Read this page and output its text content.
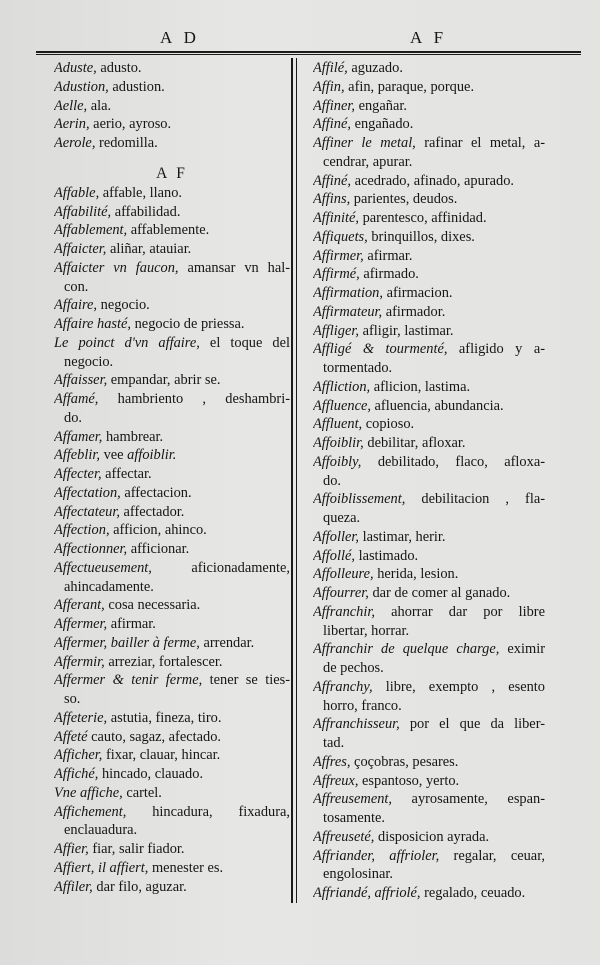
A D	A F
Aduste, adusto.
Adustion, adustion.
Aelle, ala.
Aerin, aerio, ayroso.
Aerole, redomilla.
A F
Affable, affable, llano.
Affabilité, affabilidad.
Affablement, affablemente.
Affaicter, aliñar, atauiar.
Affaicter vn faucon, amansar vn hal-
con.
Affaire, negocio.
Affaire hasté, negocio de priessa.
Le poinct d'vn affaire, el toque del
negocio.
Affaisser, empandar, abrir se.
Affamé, hambriento , deshambri-
do.
Affamer, hambrear.
Affeblir, vee affoiblir.
Affecter, affectar.
Affectation, affectacion.
Affectateur, affectador.
Affection, afficion, ahinco.
Affectionner, afficionar.
Affectueusement, aficionadamente,
ahincadamente.
Afferant, cosa necessaria.
Affermer, afirmar.
Affermer, bailler à ferme, arrendar.
Affermir, arreziar, fortalescer.
Affermer & tenir ferme, tener se ties-
so.
Affeterie, astutia, fineza, tiro.
Affeté cauto, sagaz, afectado.
Afficher, fixar, clauar, hincar.
Affiché, hincado, clauado.
Vne affiche, cartel.
Affichement, hincadura, fixadura,
enclauadura.
Affier, fiar, salir fiador.
Affiert, il affiert, menester es.
Affiler, dar filo, aguzar.
Affilé, aguzado.
Affin, afin, paraque, porque.
Affiner, engañar.
Affiné, engañado.
Affiner le metal, rafinar el metal, a-
cendrar, apurar.
Affiné, acedrado, afinado, apurado.
Affins, parientes, deudos.
Affinité, parentesco, affinidad.
Affiquets, brinquillos, dixes.
Affirmer, afirmar.
Affirmé, afirmado.
Affirmation, afirmacion.
Affirmateur, afirmador.
Affliger, afligir, lastimar.
Affligé & tourmenté, afligido y a-
tormentado.
Affliction, aflicion, lastima.
Affluence, afluencia, abundancia.
Affluent, copioso.
Affoiblir, debilitar, afloxar.
Affoibly, debilitado, flaco, afloxa-
do.
Affoiblissement, debilitacion , fla-
queza.
Affoller, lastimar, herir.
Affollé, lastimado.
Affolleure, herida, lesion.
Affourrer, dar de comer al ganado.
Affranchir, ahorrar dar por libre
libertar, horrar.
Affranchir de quelque charge, eximir
de pechos.
Affranchy, libre, exempto , esento
horro, franco.
Affranchisseur, por el que da liber-
tad.
Affres, çoçobras, pesares.
Affreux, espantoso, yerto.
Affreusement, ayrosamente, espan-
tosamente.
Affreuseté, disposicion ayrada.
Affriander, affrioler, regalar, ceuar,
engolosinar.
Affriandé, affriolé, regalado, ceuado.
